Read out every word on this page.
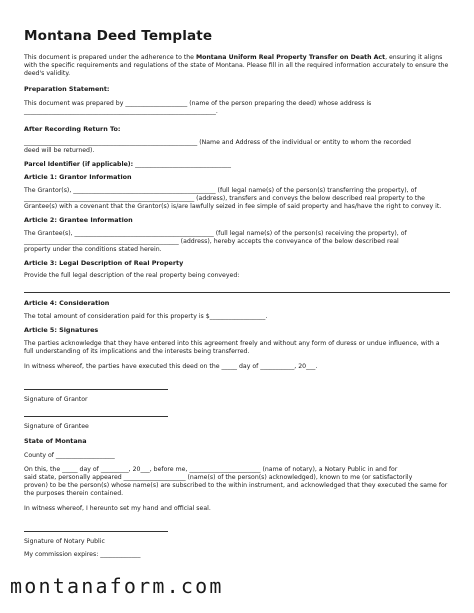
Montana Deed Template

This document is prepared under the adherence to the Montana Uniform Real Property Transfer on Death Act, ensuring it aligns with the specific requirements and regulations of the state of Montana. Please fill in all the required information accurately to ensure the deed's validity.

Preparation Statement:
This document was prepared by ____________________ (name of the person preparing the deed) whose address is
______________________________________________________________.
After Recording Return To:
________________________________________________________ (Name and Address of the individual or entity to whom the recorded
deed will be returned).
Parcel Identifier (if applicable): _______________________________
Article 1: Grantor Information
The Grantor(s), ______________________________________________ (full legal name(s) of the person(s) transferring the property), of
_______________________________________________________ (address), transfers and conveys the below described real property to the
Grantee(s) with a covenant that the Grantor(s) is/are lawfully seized in fee simple of said property and has/have the right to convey it.
Article 2: Grantee Information
The Grantee(s), _____________________________________________ (full legal name(s) of the person(s) receiving the property), of
__________________________________________________ (address), hereby accepts the conveyance of the below described real
property under the conditions stated herein.
Article 3: Legal Description of Real Property
Provide the full legal description of the real property being conveyed:
Article 4: Consideration
The total amount of consideration paid for this property is $__________________.
Article 5: Signatures
The parties acknowledge that they have entered into this agreement freely and without any form of duress or undue influence, with a
full understanding of its implications and the interests being transferred.
In witness whereof, the parties have executed this deed on the _____ day of ___________, 20___.
Signature of Grantor
Signature of Grantee
State of Montana
County of ___________________
On this, the _____ day of _________, 20___, before me, _______________________ (name of notary), a Notary Public in and for
said state, personally appeared ____________________ (name(s) of the person(s) acknowledged), known to me (or satisfactorily
proven) to be the person(s) whose name(s) are subscribed to the within instrument, and acknowledged that they executed the same for
the purposes therein contained.
In witness whereof, I hereunto set my hand and official seal.
Signature of Notary Public
My commission expires: _____________
montanaform.com
